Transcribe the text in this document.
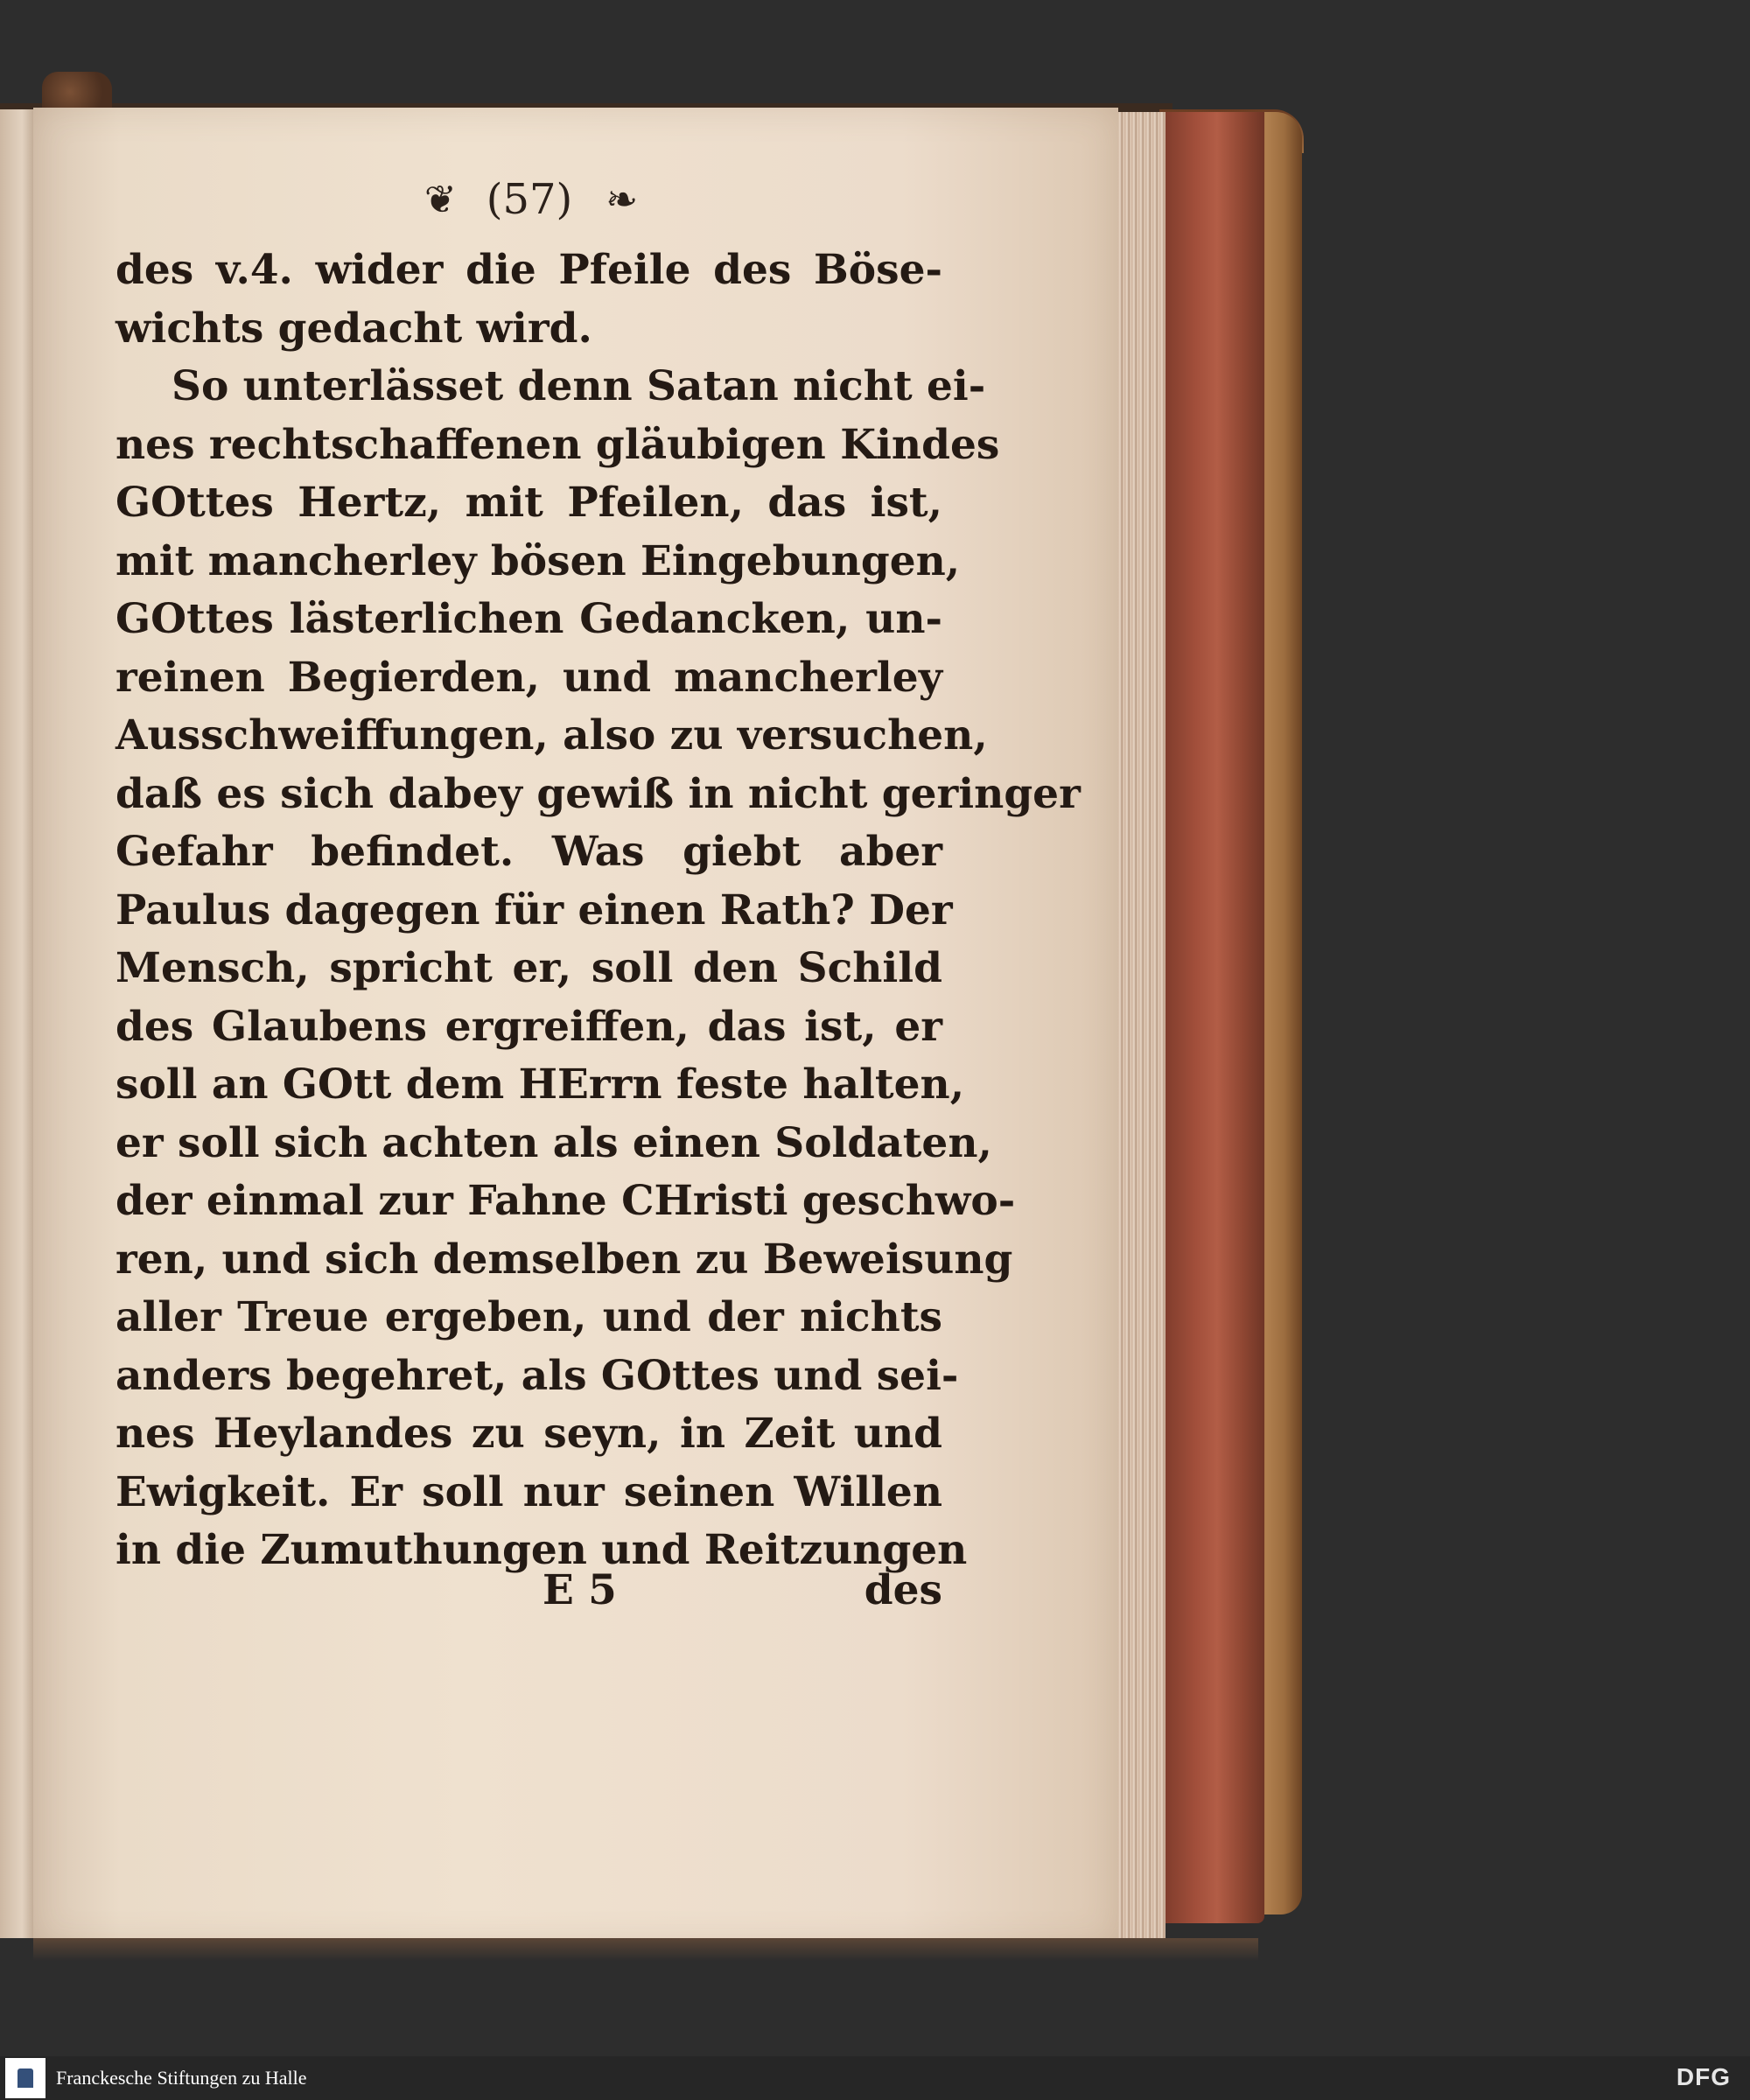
❦ (57) ❧
des v.4. wider die Pfeile des Böse-
wichts gedacht wird.
So unterlässet denn Satan nicht ei-
nes rechtschaffenen gläubigen Kindes
GOttes Hertz, mit Pfeilen, das ist,
mit mancherley bösen Eingebungen,
GOttes lästerlichen Gedancken, un-
reinen Begierden, und mancherley
Ausschweiffungen, also zu versuchen,
daß es sich dabey gewiß in nicht geringer
Gefahr befindet. Was giebt aber
Paulus dagegen für einen Rath? Der
Mensch, spricht er, soll den Schild
des Glaubens ergreiffen, das ist, er
soll an GOtt dem HErrn feste halten,
er soll sich achten als einen Soldaten,
der einmal zur Fahne CHristi geschwo-
ren, und sich demselben zu Beweisung
aller Treue ergeben, und der nichts
anders begehret, als GOttes und sei-
nes Heylandes zu seyn, in Zeit und
Ewigkeit. Er soll nur seinen Willen
in die Zumuthungen und Reitzungen
E 5	des
Franckesche Stiftungen zu Halle	DFG
